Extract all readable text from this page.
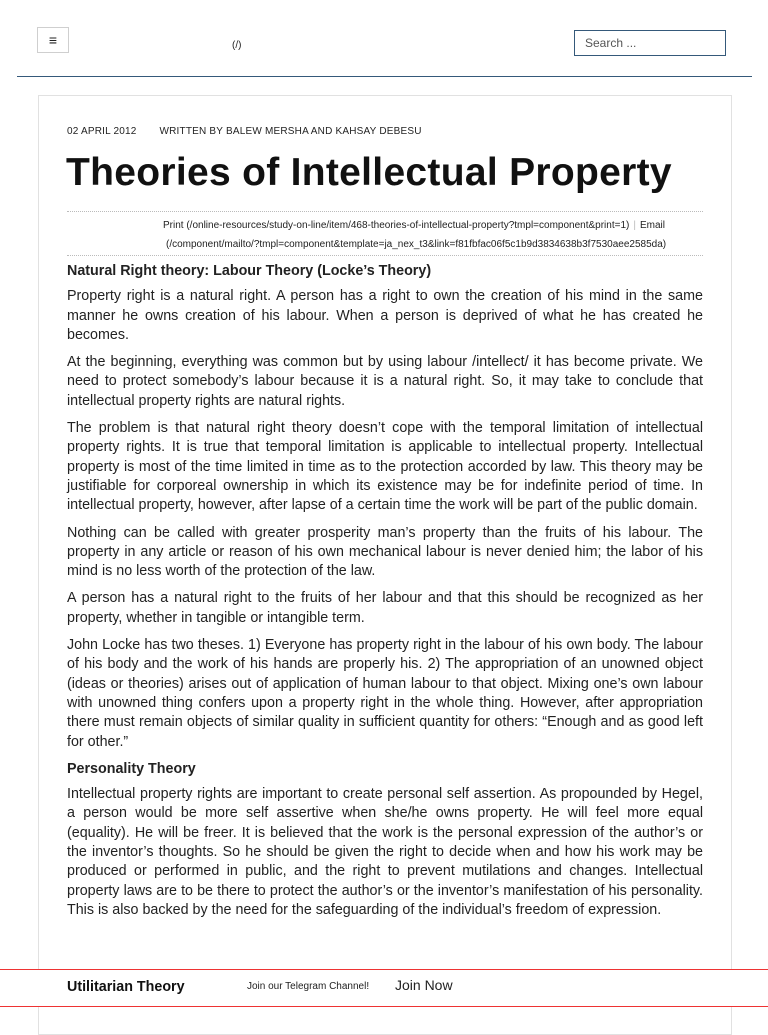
≡	(/)
Search ...
02 APRIL 2012 WRITTEN BY BALEW MERSHA AND KAHSAY DEBESU
Theories of Intellectual Property
Print (/online-resources/study-on-line/item/468-theories-of-intellectual-property?tmpl=component&print=1) | Email
(/component/mailto/?tmpl=component&template=ja_nex_t3&link=f81fbfac06f5c1b9d3834638b3f7530aee2585da)
Natural Right theory: Labour Theory (Locke’s Theory)

Property right is a natural right. A person has a right to own the creation of his mind in the same manner he owns creation of his labour. When a person is deprived of what he has created he becomes.

At the beginning, everything was common but by using labour /intellect/ it has become private. We need to protect somebody’s labour because it is a natural right. So, it may take to conclude that intellectual property rights are natural rights.

The problem is that natural right theory doesn’t cope with the temporal limitation of intellectual property rights. It is true that temporal limitation is applicable to intellectual property. Intellectual property is most of the time limited in time as to the protection accorded by law. This theory may be justifiable for corporeal ownership in which its existence may be for indefinite period of time. In intellectual property, however, after lapse of a certain time the work will be part of the public domain.

Nothing can be called with greater prosperity man’s property than the fruits of his labour. The property in any article or reason of his own mechanical labour is never denied him; the labor of his mind is no less worth of the protection of the law.

A person has a natural right to the fruits of her labour and that this should be recognized as her property, whether in tangible or intangible term.

John Locke has two theses. 1) Everyone has property right in the labour of his own body. The labour of his body and the work of his hands are properly his. 2) The appropriation of an unowned object (ideas or theories) arises out of application of human labour to that object. Mixing one’s own labour with unowned thing confers upon a property right in the whole thing. However, after appropriation there must remain objects of similar quality in sufficient quantity for others: “Enough and as good left for other.”

Personality Theory

Intellectual property rights are important to create personal self assertion. As propounded by Hegel, a person would be more self assertive when she/he owns property. He will feel more equal (equality). He will be freer. It is believed that the work is the personal expression of the author’s or the inventor’s thoughts. So he should be given the right to decide when and how his work may be produced or performed in public, and the right to prevent mutilations and changes. Intellectual property laws are to be there to protect the author’s or the inventor’s manifestation of his personality. This is also backed by the need for the safeguarding of the individual’s freedom of expression.

Utilitarian Theory	Join our Telegram Channel! Join Now
